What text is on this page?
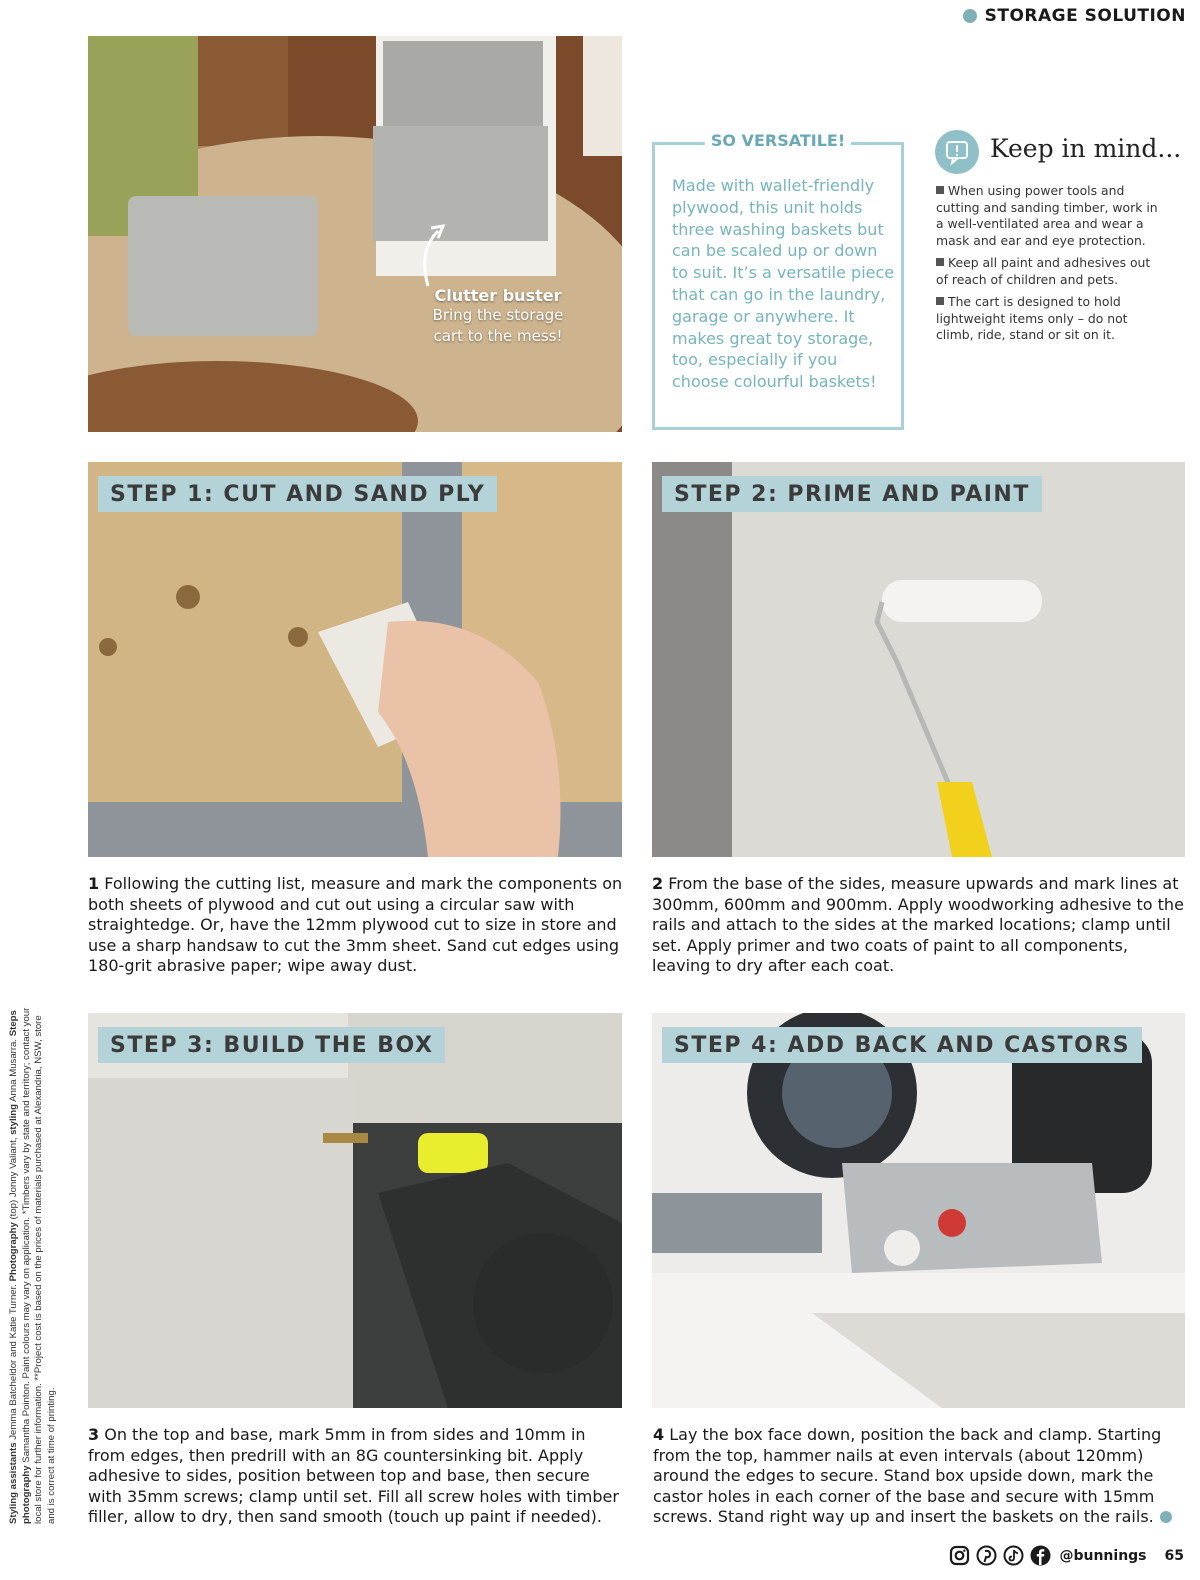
STORAGE SOLUTION
Clutter buster
Bring the storage
cart to the mess!
SO VERSATILE!
Made with wallet-friendly plywood, this unit holds three washing baskets but can be scaled up or down to suit. It’s a versatile piece that can go in the laundry, garage or anywhere. It makes great toy storage, too, especially if you choose colourful baskets!
Keep in mind...
When using power tools and cutting and sanding timber, work in a well-ventilated area and wear a mask and ear and eye protection.
Keep all paint and adhesives out of reach of children and pets.
The cart is designed to hold lightweight items only – do not climb, ride, stand or sit on it.
STEP 1: CUT AND SAND PLY	STEP 2: PRIME AND PAINT
STEP 3: BUILD THE BOX	STEP 4: ADD BACK AND CASTORS
1 Following the cutting list, measure and mark the components on both sheets of plywood and cut out using a circular saw with straightedge. Or, have the 12mm plywood cut to size in store and use a sharp handsaw to cut the 3mm sheet. Sand cut edges using 180-grit abrasive paper; wipe away dust.
2 From the base of the sides, measure upwards and mark lines at 300mm, 600mm and 900mm. Apply woodworking adhesive to the rails and attach to the sides at the marked locations; clamp until set. Apply primer and two coats of paint to all components, leaving to dry after each coat.
3 On the top and base, mark 5mm in from sides and 10mm in from edges, then predrill with an 8G countersinking bit. Apply adhesive to sides, position between top and base, then secure with 35mm screws; clamp until set. Fill all screw holes with timber filler, allow to dry, then sand smooth (touch up paint if needed).
4 Lay the box face down, position the back and clamp. Starting from the top, hammer nails at even intervals (about 120mm) around the edges to secure. Stand box upside down, mark the castor holes in each corner of the base and secure with 15mm screws. Stand right way up and insert the baskets on the rails.
Styling assistants Jemma Batcheldor and Katie Turner. Photography (top) Jonny Valiant, styling Anna Musarra. Steps photography Samantha Pointon. Paint colours may vary on application. *Timbers vary by state and territory; contact your local store for further information. **Project cost is based on the prices of materials purchased at Alexandria, NSW, store and is correct at time of printing.
@bunnings 65
